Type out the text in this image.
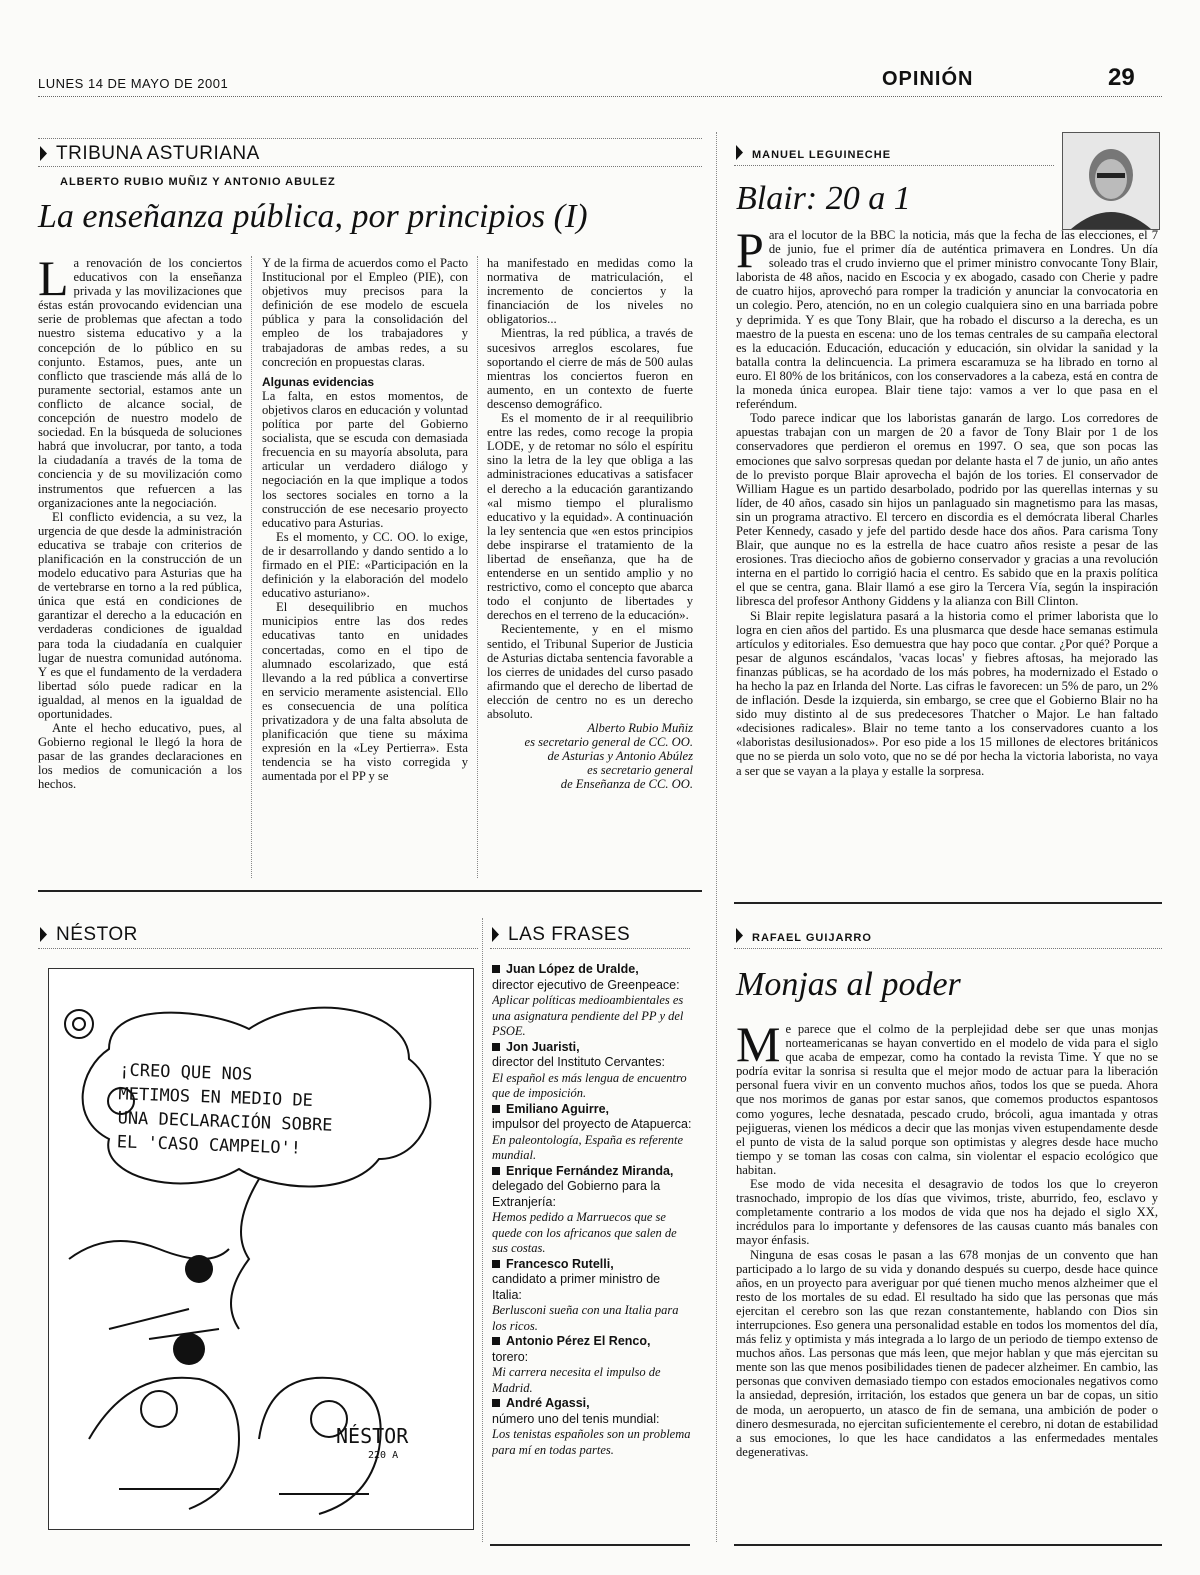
LUNES 14 DE MAYO DE 2001	OPINIÓN	29
TRIBUNA ASTURIANA
ALBERTO RUBIO MUÑIZ Y ANTONIO ABULEZ
La enseñanza pública, por principios (I)
L a renovación de los conciertos educativos con la enseñanza privada y las movilizaciones que éstas están provocando evidencian una serie de problemas que afectan a todo nuestro sistema educativo y a la concepción de lo público en su conjunto. Estamos, pues, ante un conflicto que trasciende más allá de lo puramente sectorial, estamos ante un conflicto de alcance social, de concepción de nuestro modelo de sociedad. En la búsqueda de soluciones habrá que involucrar, por tanto, a toda la ciudadanía a través de la toma de conciencia y de su movilización como instrumentos que refuercen a las organizaciones ante la negociación.

El conflicto evidencia, a su vez, la urgencia de que desde la administración educativa se trabaje con criterios de planificación en la construcción de un modelo educativo para Asturias que ha de vertebrarse en torno a la red pública, única que está en condiciones de garantizar el derecho a la educación en verdaderas condiciones de igualdad para toda la ciudadanía en cualquier lugar de nuestra comunidad autónoma. Y es que el fundamento de la verdadera libertad sólo puede radicar en la igualdad, al menos en la igualdad de oportunidades.

Ante el hecho educativo, pues, al Gobierno regional le llegó la hora de pasar de las grandes declaraciones en los medios de comunicación a los hechos.

Y de la firma de acuerdos como el Pacto Institucional por el Empleo (PIE), con objetivos muy precisos para la definición de ese modelo de escuela pública y para la consolidación del empleo de los trabajadores y trabajadoras de ambas redes, a su concreción en propuestas claras.

Algunas evidencias

La falta, en estos momentos, de objetivos claros en educación y voluntad política por parte del Gobierno socialista, que se escuda con demasiada frecuencia en su mayoría absoluta, para articular un verdadero diálogo y negociación en la que implique a todos los sectores sociales en torno a la construcción de ese necesario proyecto educativo para Asturias.

Es el momento, y CC. OO. lo exige, de ir desarrollando y dando sentido a lo firmado en el PIE: «Participación en la definición y la elaboración del modelo educativo asturiano».

El desequilibrio en muchos municipios entre las dos redes educativas tanto en unidades concertadas, como en el tipo de alumnado escolarizado, que está llevando a la red pública a convertirse en servicio meramente asistencial. Ello es consecuencia de una política privatizadora y de una falta absoluta de planificación que tiene su máxima expresión en la «Ley Pertierra». Esta tendencia se ha visto corregida y aumentada por el PP y se

ha manifestado en medidas como la normativa de matriculación, el incremento de conciertos y la financiación de los niveles no obligatorios...

Mientras, la red pública, a través de sucesivos arreglos escolares, fue soportando el cierre de más de 500 aulas mientras los conciertos fueron en aumento, en un contexto de fuerte descenso demográfico.

Es el momento de ir al reequilibrio entre las redes, como recoge la propia LODE, y de retomar no sólo el espíritu sino la letra de la ley que obliga a las administraciones educativas a satisfacer el derecho a la educación garantizando «al mismo tiempo el pluralismo educativo y la equidad». A continuación la ley sentencia que «en estos principios debe inspirarse el tratamiento de la libertad de enseñanza, que ha de entenderse en un sentido amplio y no restrictivo, como el concepto que abarca todo el conjunto de libertades y derechos en el terreno de la educación».

Recientemente, y en el mismo sentido, el Tribunal Superior de Justicia de Asturias dictaba sentencia favorable a los cierres de unidades del curso pasado afirmando que el derecho de libertad de elección de centro no es un derecho absoluto.

Alberto Rubio Muñiz
es secretario general de CC. OO.
de Asturias y Antonio Abúlez
es secretario general
de Enseñanza de CC. OO.
MANUEL LEGUINECHE
Blair: 20 a 1
P ara el locutor de la BBC la noticia, más que la fecha de las elecciones, el 7 de junio, fue el primer día de auténtica primavera en Londres. Un día soleado tras el crudo invierno que el primer ministro convocante Tony Blair, laborista de 48 años, nacido en Escocia y ex abogado, casado con Cherie y padre de cuatro hijos, aprovechó para romper la tradición y anunciar la convocatoria en un colegio. Pero, atención, no en un colegio cualquiera sino en una barriada pobre y deprimida. Y es que Tony Blair, que ha robado el discurso a la derecha, es un maestro de la puesta en escena: uno de los temas centrales de su campaña electoral es la educación. Educación, educación y educación, sin olvidar la sanidad y la batalla contra la delincuencia. La primera escaramuza se ha librado en torno al euro. El 80% de los británicos, con los conservadores a la cabeza, está en contra de la moneda única europea. Blair tiene tajo: vamos a ver lo que pasa en el referéndum.

Todo parece indicar que los laboristas ganarán de largo. Los corredores de apuestas trabajan con un margen de 20 a favor de Tony Blair por 1 de los conservadores que perdieron el oremus en 1997. O sea, que son pocas las emociones que salvo sorpresas quedan por delante hasta el 7 de junio, un año antes de lo previsto porque Blair aprovecha el bajón de los tories. El conservador de William Hague es un partido desarbolado, podrido por las querellas internas y su líder, de 40 años, casado sin hijos un panlaguado sin magnetismo para las masas, sin un programa atractivo. El tercero en discordia es el demócrata liberal Charles Peter Kennedy, casado y jefe del partido desde hace dos años. Para carisma Tony Blair, que aunque no es la estrella de hace cuatro años resiste a pesar de las erosiones. Tras dieciocho años de gobierno conservador y gracias a una revolución interna en el partido lo corrigió hacia el centro. Es sabido que en la praxis política el que se centra, gana. Blair llamó a ese giro la Tercera Vía, según la inspiración libresca del profesor Anthony Giddens y la alianza con Bill Clinton.

Si Blair repite legislatura pasará a la historia como el primer laborista que lo logra en cien años del partido. Es una plusmarca que desde hace semanas estimula artículos y editoriales. Eso demuestra que hay poco que contar. ¿Por qué? Porque a pesar de algunos escándalos, 'vacas locas' y fiebres aftosas, ha mejorado las finanzas públicas, se ha acordado de los más pobres, ha modernizado el Estado o ha hecho la paz en Irlanda del Norte. Las cifras le favorecen: un 5% de paro, un 2% de inflación. Desde la izquierda, sin embargo, se cree que el Gobierno Blair no ha sido muy distinto al de sus predecesores Thatcher o Major. Le han faltado «decisiones radicales». Blair no teme tanto a los conservadores cuanto a los «laboristas desilusionados». Por eso pide a los 15 millones de electores británicos que no se pierda un solo voto, que no se dé por hecha la victoria laborista, no vaya a ser que se vayan a la playa y estalle la sorpresa.

NÉSTOR
¡CREO QUE NOS
METIMOS EN MEDIO DE
UNA DECLARACIÓN SOBRE
EL 'CASO CAMPELO'!
NÉSTOR
220 A
LAS FRASES
Juan López de Uralde,
director ejecutivo de Greenpeace:
Aplicar políticas medioambientales es una asignatura pendiente del PP y del PSOE.
Jon Juaristi,
director del Instituto Cervantes:
El español es más lengua de encuentro que de imposición.
Emiliano Aguirre,
impulsor del proyecto de Atapuerca:
En paleontología, España es referente mundial.
Enrique Fernández Miranda,
delegado del Gobierno para la Extranjería:
Hemos pedido a Marruecos que se quede con los africanos que salen de sus costas.
Francesco Rutelli,
candidato a primer ministro de Italia:
Berlusconi sueña con una Italia para los ricos.
Antonio Pérez El Renco,
torero:
Mi carrera necesita el impulso de Madrid.
André Agassi,
número uno del tenis mundial:
Los tenistas españoles son un problema para mí en todas partes.
RAFAEL GUIJARRO
Monjas al poder
M e parece que el colmo de la perplejidad debe ser que unas monjas norteamericanas se hayan convertido en el modelo de vida para el siglo que acaba de empezar, como ha contado la revista Time. Y que no se podría evitar la sonrisa si resulta que el mejor modo de actuar para la liberación personal fuera vivir en un convento muchos años, todos los que se pueda. Ahora que nos morimos de ganas por estar sanos, que comemos productos espantosos como yogures, leche desnatada, pescado crudo, brócoli, agua imantada y otras pejigueras, vienen los médicos a decir que las monjas viven estupendamente desde el punto de vista de la salud porque son optimistas y alegres desde hace mucho tiempo y se toman las cosas con calma, sin violentar el espacio ecológico que habitan.

Ese modo de vida necesita el desagravio de todos los que lo creyeron trasnochado, impropio de los días que vivimos, triste, aburrido, feo, esclavo y completamente contrario a los modos de vida que nos ha dejado el siglo XX, incrédulos para lo importante y defensores de las causas cuanto más banales con mayor énfasis.

Ninguna de esas cosas le pasan a las 678 monjas de un convento que han participado a lo largo de su vida y donando después su cuerpo, desde hace quince años, en un proyecto para averiguar por qué tienen mucho menos alzheimer que el resto de los mortales de su edad. El resultado ha sido que las personas que más ejercitan el cerebro son las que rezan constantemente, hablando con Dios sin interrupciones. Eso genera una personalidad estable en todos los momentos del día, más feliz y optimista y más integrada a lo largo de un periodo de tiempo extenso de muchos años. Las personas que más leen, que mejor hablan y que más ejercitan su mente son las que menos posibilidades tienen de padecer alzheimer. En cambio, las personas que conviven demasiado tiempo con estados emocionales negativos como la ansiedad, depresión, irritación, los estados que genera un bar de copas, un sitio de moda, un aeropuerto, un atasco de fin de semana, una ambición de poder o dinero desmesurada, no ejercitan suficientemente el cerebro, ni dotan de estabilidad a sus emociones, lo que les hace candidatos a las enfermedades mentales degenerativas.
